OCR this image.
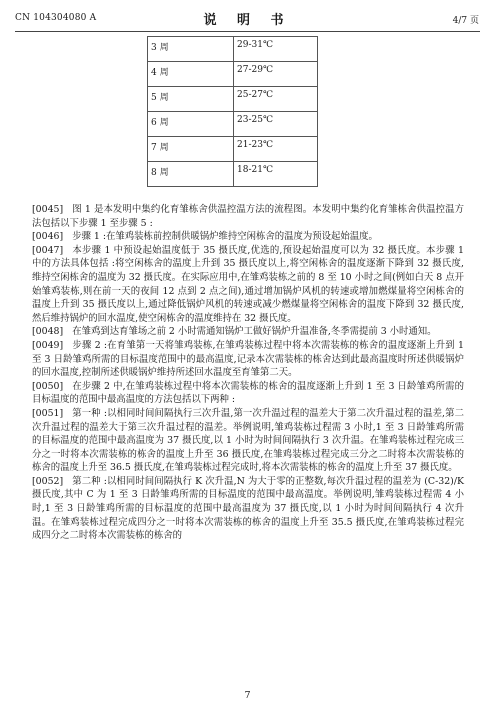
CN 104304080 A	说 明 书	4/7 页
3 周	29-31℃
4 周	27-29℃
5 周	25-27℃
6 周	23-25℃
7 周	21-23℃
8 周	18-21℃

[0045] 图 1 是本发明中集约化育雏栋舍供温控温方法的流程图。本发明中集约化育雏栋舍供温控温方法包括以下步骤 1 至步骤 5 :

[0046] 步骤 1 :在雏鸡装栋前控制供暖锅炉维持空闲栋舍的温度为预设起始温度。

[0047] 本步骤 1 中预设起始温度低于 35 摄氏度,优选的,预设起始温度可以为 32 摄氏度。本步骤 1 中的方法具体包括 :将空闲栋舍的温度上升到 35 摄氏度以上,将空闲栋舍的温度逐渐下降到 32 摄氏度,维持空闲栋舍的温度为 32 摄氏度。在实际应用中,在雏鸡装栋之前的 8 至 10 小时之间(例如白天 8 点开始雏鸡装栋,则在前一天的夜间 12 点到 2 点之间),通过增加锅炉风机的转速或增加燃煤量将空闲栋舍的温度上升到 35 摄氏度以上,通过降低锅炉风机的转速或减少燃煤量将空闲栋舍的温度下降到 32 摄氏度,然后维持锅炉的回水温度,使空闲栋舍的温度维持在 32 摄氏度。

[0048] 在雏鸡到达育雏场之前 2 小时需通知锅炉工做好锅炉升温准备,冬季需提前 3 小时通知。

[0049] 步骤 2 :在育雏第一天将雏鸡装栋,在雏鸡装栋过程中将本次需装栋的栋舍的温度逐渐上升到 1 至 3 日龄雏鸡所需的目标温度范围中的最高温度,记录本次需装栋的栋舍达到此最高温度时所述供暖锅炉的回水温度,控制所述供暖锅炉维持所述回水温度至育雏第二天。

[0050] 在步骤 2 中,在雏鸡装栋过程中将本次需装栋的栋舍的温度逐渐上升到 1 至 3 日龄雏鸡所需的目标温度的范围中最高温度的方法包括以下两种 :

[0051] 第一种 :以相同时间间隔执行三次升温,第一次升温过程的温差大于第二次升温过程的温差,第二次升温过程的温差大于第三次升温过程的温差。举例说明,雏鸡装栋过程需 3 小时,1 至 3 日龄雏鸡所需的目标温度的范围中最高温度为 37 摄氏度,以 1 小时为时间间隔执行 3 次升温。在雏鸡装栋过程完成三分之一时将本次需装栋的栋舍的温度上升至 36 摄氏度,在雏鸡装栋过程完成三分之二时将本次需装栋的栋舍的温度上升至 36.5 摄氏度,在雏鸡装栋过程完成时,将本次需装栋的栋舍的温度上升至 37 摄氏度。

[0052] 第二种 :以相同时间间隔执行 K 次升温,N 为大于零的正整数,每次升温过程的温差为 (C-32)/K 摄氏度,其中 C 为 1 至 3 日龄雏鸡所需的目标温度的范围中最高温度。举例说明,雏鸡装栋过程需 4 小时,1 至 3 日龄雏鸡所需的目标温度的范围中最高温度为 37 摄氏度,以 1 小时为时间间隔执行 4 次升温。在雏鸡装栋过程完成四分之一时将本次需装栋的栋舍的温度上升至 35.5 摄氏度,在雏鸡装栋过程完成四分之二时将本次需装栋的栋舍的

7
